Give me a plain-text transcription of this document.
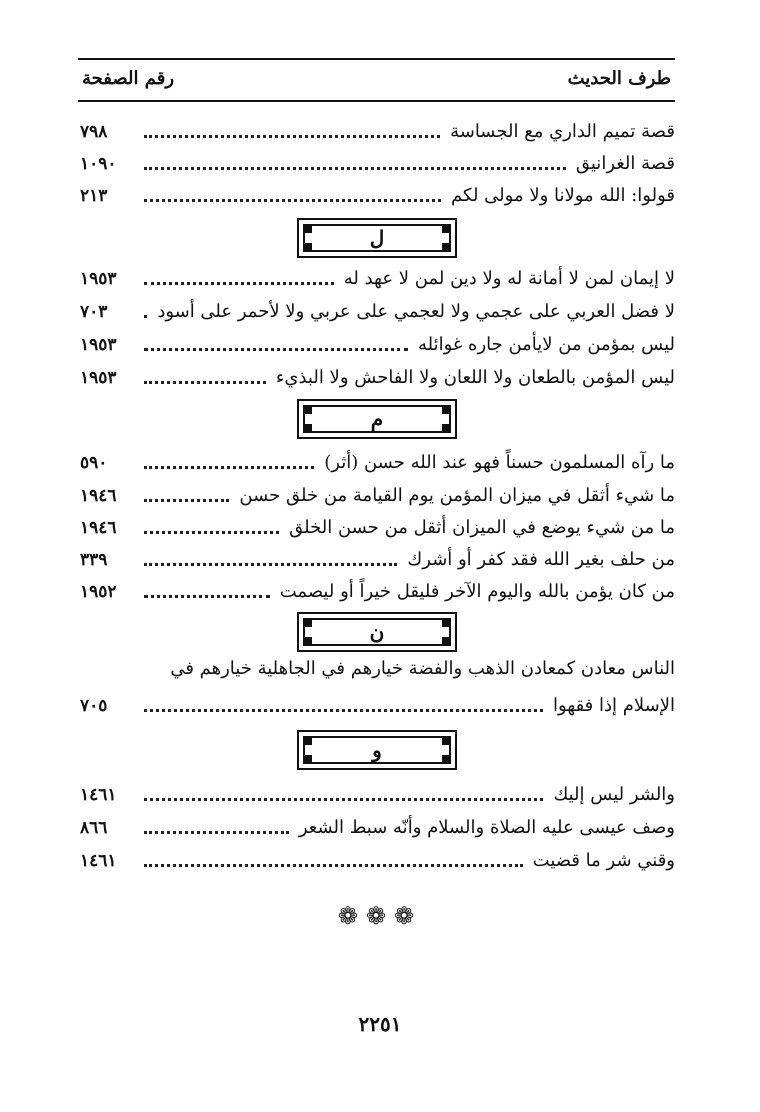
طرف الحديث
رقم الصفحة
قصة تميم الداري مع الجساسة
٧٩٨
قصة الغرانيق
١٠٩٠
قولوا: الله مولانا ولا مولى لكم
٢١٣
ل
لا إيمان لمن لا أمانة له ولا دين لمن لا عهد له
١٩٥٣
لا فضل العربي على عجمي ولا لعجمي على عربي ولا لأحمر على أسود
٧٠٣
ليس بمؤمن من لايأمن جاره غوائله
١٩٥٣
ليس المؤمن بالطعان ولا اللعان ولا الفاحش ولا البذيء
١٩٥٣
م
ما رآه المسلمون حسناً فهو عند الله حسن (أثر)
٥٩٠
ما شيء أثقل في ميزان المؤمن يوم القيامة من خلق حسن
١٩٤٦
ما من شيء يوضع في الميزان أثقل من حسن الخلق
١٩٤٦
من حلف بغير الله فقد كفر أو أشرك
٣٣٩
من كان يؤمن بالله واليوم الآخر فليقل خيراً أو ليصمت
١٩٥٢
ن
الناس معادن كمعادن الذهب والفضة خيارهم في الجاهلية خيارهم في
الإسلام إذا فقهوا
٧٠٥
و
والشر ليس إليك
١٤٦١
وصف عيسى عليه الصلاة والسلام وأنّه سبط الشعر
٨٦٦
وقني شر ما قضيت
١٤٦١
❁❁❁
٢٢٥١
